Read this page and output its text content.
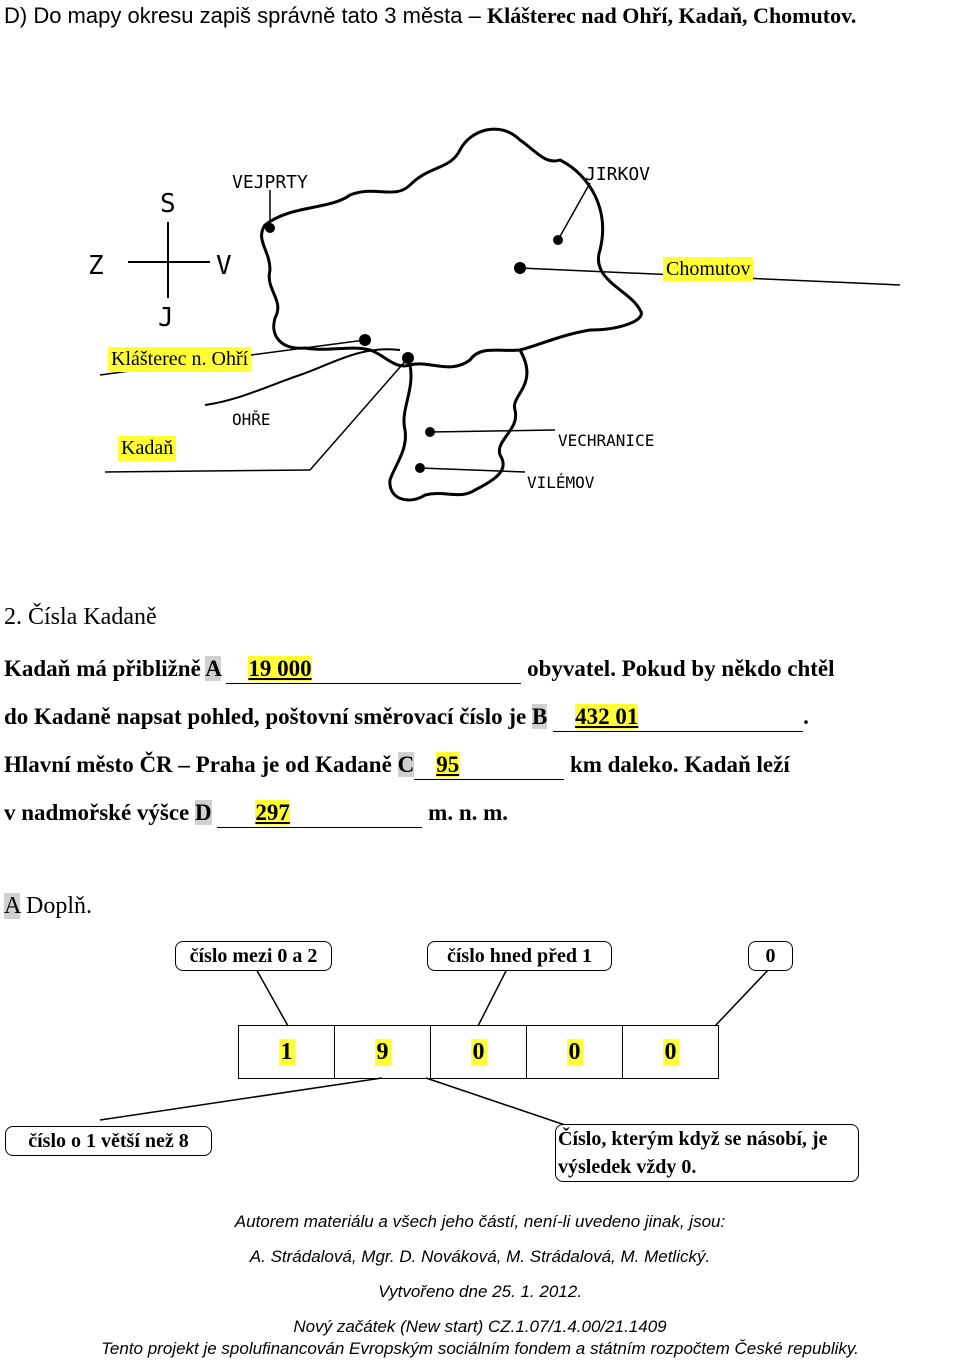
D) Do mapy okresu zapiš správně tato 3 města – Klášterec nad Ohří, Kadaň, Chomutov.
S
J
Z	V
VEJPRTY	JIRKOV
OHŘE
VECHRANICE
VILÉMOV
Chomutov
Klášterec n. Ohří
Kadaň
2. Čísla Kadaně
Kadaň má přibližně A 19 000	obyvatel. Pokud by někdo chtěl
do Kadaně napsat pohled, poštovní směrovací číslo je B 432 01	.
Hlavní město ČR – Praha je od Kadaně C 95	km daleko. Kadaň leží
v nadmořské výšce D 297	m. n. m.
A Doplň.
číslo mezi 0 a 2	číslo hned před 1	0
1	9	0	0	0
číslo o 1 větší než 8	Číslo, kterým když se násobí, je výsledek vždy 0.
Autorem materiálu a všech jeho částí, není-li uvedeno jinak, jsou:
A. Strádalová, Mgr. D. Nováková, M. Strádalová, M. Metlický.
Vytvořeno dne 25. 1. 2012.
Nový začátek (New start) CZ.1.07/1.4.00/21.1409
Tento projekt je spolufinancován Evropským sociálním fondem a státním rozpočtem České republiky.
